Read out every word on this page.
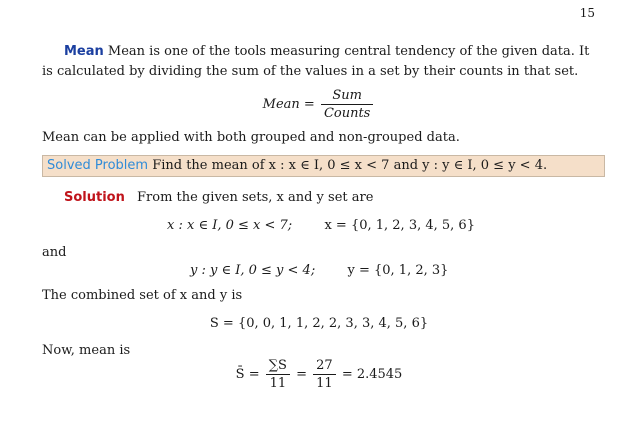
15
Mean Mean is one of the tools measuring central tendency of the given data. It
is calculated by dividing the sum of the values in a set by their counts in that set.
Mean = $\frac{\text{Sum}}{\text{Counts}}$
Mean can be applied with both grouped and non-grouped data.
Solved Problem Find the mean of x : x ∈ I, 0 ≤ x < 7 and y : y ∈ I, 0 ≤ y < 4.
Solution From the given sets, x and y set are
x : x ∈ I, 0 ≤ x < 7; x = {0, 1, 2, 3, 4, 5, 6}
and
y : y ∈ I, 0 ≤ y < 4; y = {0, 1, 2, 3}
The combined set of x and y is
S = {0, 0, 1, 1, 2, 2, 3, 3, 4, 5, 6}
Now, mean is
S̄ = $\frac{\sum S}{11} = \frac{27}{11} = 2.4545$
